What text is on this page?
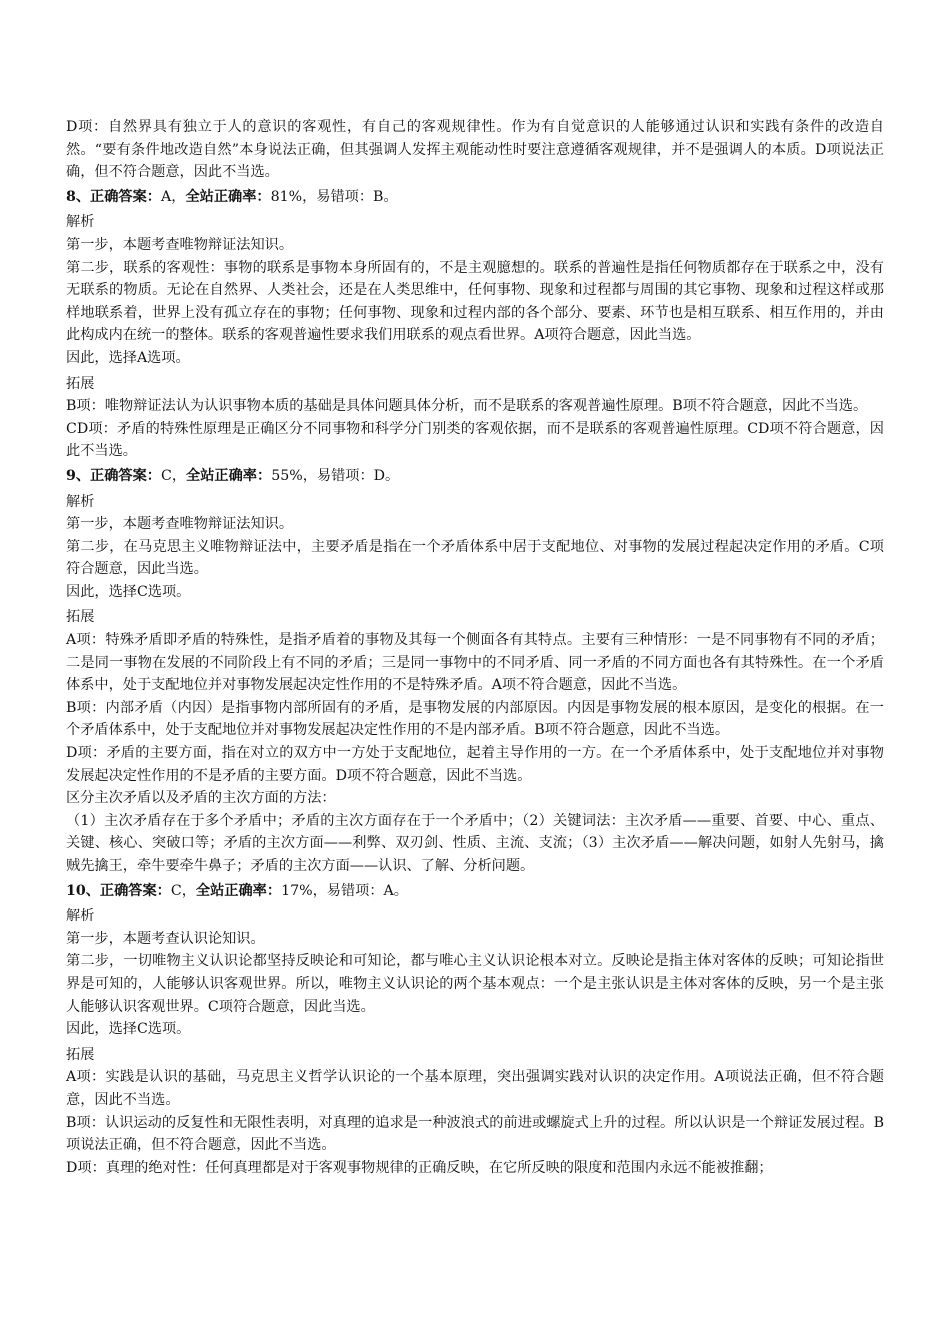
D项：自然界具有独立于人的意识的客观性，有自己的客观规律性。作为有自觉意识的人能够通过认识和实践有条件的改造自然。“要有条件地改造自然”本身说法正确，但其强调人发挥主观能动性时要注意遵循客观规律，并不是强调人的本质。D项说法正确，但不符合题意，因此不当选。
8、正确答案：A，全站正确率：81%，易错项：B。
解析
第一步，本题考查唯物辩证法知识。
第二步，联系的客观性：事物的联系是事物本身所固有的，不是主观臆想的。联系的普遍性是指任何物质都存在于联系之中，没有无联系的物质。无论在自然界、人类社会，还是在人类思维中，任何事物、现象和过程都与周围的其它事物、现象和过程这样或那样地联系着，世界上没有孤立存在的事物；任何事物、现象和过程内部的各个部分、要素、环节也是相互联系、相互作用的，并由此构成内在统一的整体。联系的客观普遍性要求我们用联系的观点看世界。A项符合题意，因此当选。
因此，选择A选项。
拓展
B项：唯物辩证法认为认识事物本质的基础是具体问题具体分析，而不是联系的客观普遍性原理。B项不符合题意，因此不当选。
CD项：矛盾的特殊性原理是正确区分不同事物和科学分门别类的客观依据，而不是联系的客观普遍性原理。CD项不符合题意，因此不当选。
9、正确答案：C，全站正确率：55%，易错项：D。
解析
第一步，本题考查唯物辩证法知识。
第二步，在马克思主义唯物辩证法中，主要矛盾是指在一个矛盾体系中居于支配地位、对事物的发展过程起决定作用的矛盾。C项符合题意，因此当选。
因此，选择C选项。
拓展
A项：特殊矛盾即矛盾的特殊性，是指矛盾着的事物及其每一个侧面各有其特点。主要有三种情形：一是不同事物有不同的矛盾；二是同一事物在发展的不同阶段上有不同的矛盾；三是同一事物中的不同矛盾、同一矛盾的不同方面也各有其特殊性。在一个矛盾体系中，处于支配地位并对事物发展起决定性作用的不是特殊矛盾。A项不符合题意，因此不当选。
B项：内部矛盾（内因）是指事物内部所固有的矛盾，是事物发展的内部原因。内因是事物发展的根本原因，是变化的根据。在一个矛盾体系中，处于支配地位并对事物发展起决定性作用的不是内部矛盾。B项不符合题意，因此不当选。
D项：矛盾的主要方面，指在对立的双方中一方处于支配地位，起着主导作用的一方。在一个矛盾体系中，处于支配地位并对事物发展起决定性作用的不是矛盾的主要方面。D项不符合题意，因此不当选。
区分主次矛盾以及矛盾的主次方面的方法：
（1）主次矛盾存在于多个矛盾中；矛盾的主次方面存在于一个矛盾中；（2）关键词法：主次矛盾——重要、首要、中心、重点、关键、核心、突破口等；矛盾的主次方面——利弊、双刃剑、性质、主流、支流；（3）主次矛盾——解决问题，如射人先射马，擒贼先擒王，牵牛要牵牛鼻子；矛盾的主次方面——认识、了解、分析问题。
10、正确答案：C，全站正确率：17%，易错项：A。
解析
第一步，本题考查认识论知识。
第二步，一切唯物主义认识论都坚持反映论和可知论，都与唯心主义认识论根本对立。反映论是指主体对客体的反映；可知论指世界是可知的，人能够认识客观世界。所以，唯物主义认识论的两个基本观点：一个是主张认识是主体对客体的反映，另一个是主张人能够认识客观世界。C项符合题意，因此当选。
因此，选择C选项。
拓展
A项：实践是认识的基础，马克思主义哲学认识论的一个基本原理，突出强调实践对认识的决定作用。A项说法正确，但不符合题意，因此不当选。
B项：认识运动的反复性和无限性表明，对真理的追求是一种波浪式的前进或螺旋式上升的过程。所以认识是一个辩证发展过程。B项说法正确，但不符合题意，因此不当选。
D项：真理的绝对性：任何真理都是对于客观事物规律的正确反映，在它所反映的限度和范围内永远不能被推翻；
